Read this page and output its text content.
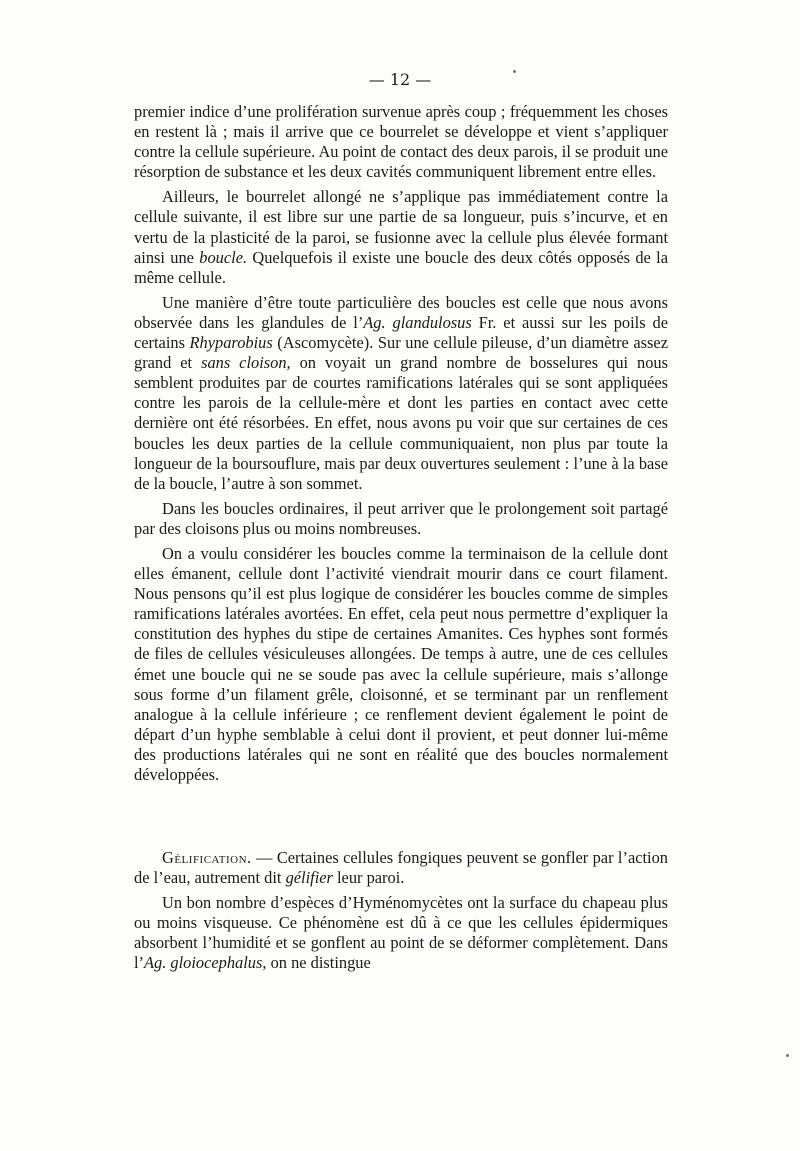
— 12 —

premier indice d’une prolifération survenue après coup ; fréquemment les choses en restent là ; mais il arrive que ce bourrelet se développe et vient s’appliquer contre la cellule supérieure. Au point de contact des deux parois, il se produit une résorption de substance et les deux cavités communiquent librement entre elles.

Ailleurs, le bourrelet allongé ne s’applique pas immédiatement contre la cellule suivante, il est libre sur une partie de sa longueur, puis s’incurve, et en vertu de la plasticité de la paroi, se fusionne avec la cellule plus élevée formant ainsi une boucle. Quelquefois il existe une boucle des deux côtés opposés de la même cellule.

Une manière d’être toute particulière des boucles est celle que nous avons observée dans les glandules de l’Ag. glandulosus Fr. et aussi sur les poils de certains Rhyparobius (Ascomycète). Sur une cellule pileuse, d’un diamètre assez grand et sans cloison, on voyait un grand nombre de bosselures qui nous semblent produites par de courtes ramifications latérales qui se sont appliquées contre les parois de la cellule-mère et dont les parties en contact avec cette dernière ont été résorbées. En effet, nous avons pu voir que sur certaines de ces boucles les deux parties de la cellule communiquaient, non plus par toute la longueur de la boursouflure, mais par deux ouvertures seulement : l’une à la base de la boucle, l’autre à son sommet.

Dans les boucles ordinaires, il peut arriver que le prolongement soit partagé par des cloisons plus ou moins nombreuses.

On a voulu considérer les boucles comme la terminaison de la cellule dont elles émanent, cellule dont l’activité viendrait mourir dans ce court filament. Nous pensons qu’il est plus logique de considérer les boucles comme de simples ramifications latérales avortées. En effet, cela peut nous permettre d’expliquer la constitution des hyphes du stipe de certaines Amanites. Ces hyphes sont formés de files de cellules vésiculeuses allongées. De temps à autre, une de ces cellules émet une boucle qui ne se soude pas avec la cellule supérieure, mais s’allonge sous forme d’un filament grêle, cloisonné, et se terminant par un renflement analogue à la cellule inférieure ; ce renflement devient également le point de départ d’un hyphe semblable à celui dont il provient, et peut donner lui-même des productions latérales qui ne sont en réalité que des boucles normalement développées.

Gélification. — Certaines cellules fongiques peuvent se gonfler par l’action de l’eau, autrement dit gélifier leur paroi.

Un bon nombre d’espèces d’Hyménomycètes ont la surface du chapeau plus ou moins visqueuse. Ce phénomène est dû à ce que les cellules épidermiques absorbent l’humidité et se gonflent au point de se déformer complètement. Dans l’Ag. gloiocephalus, on ne distingue
